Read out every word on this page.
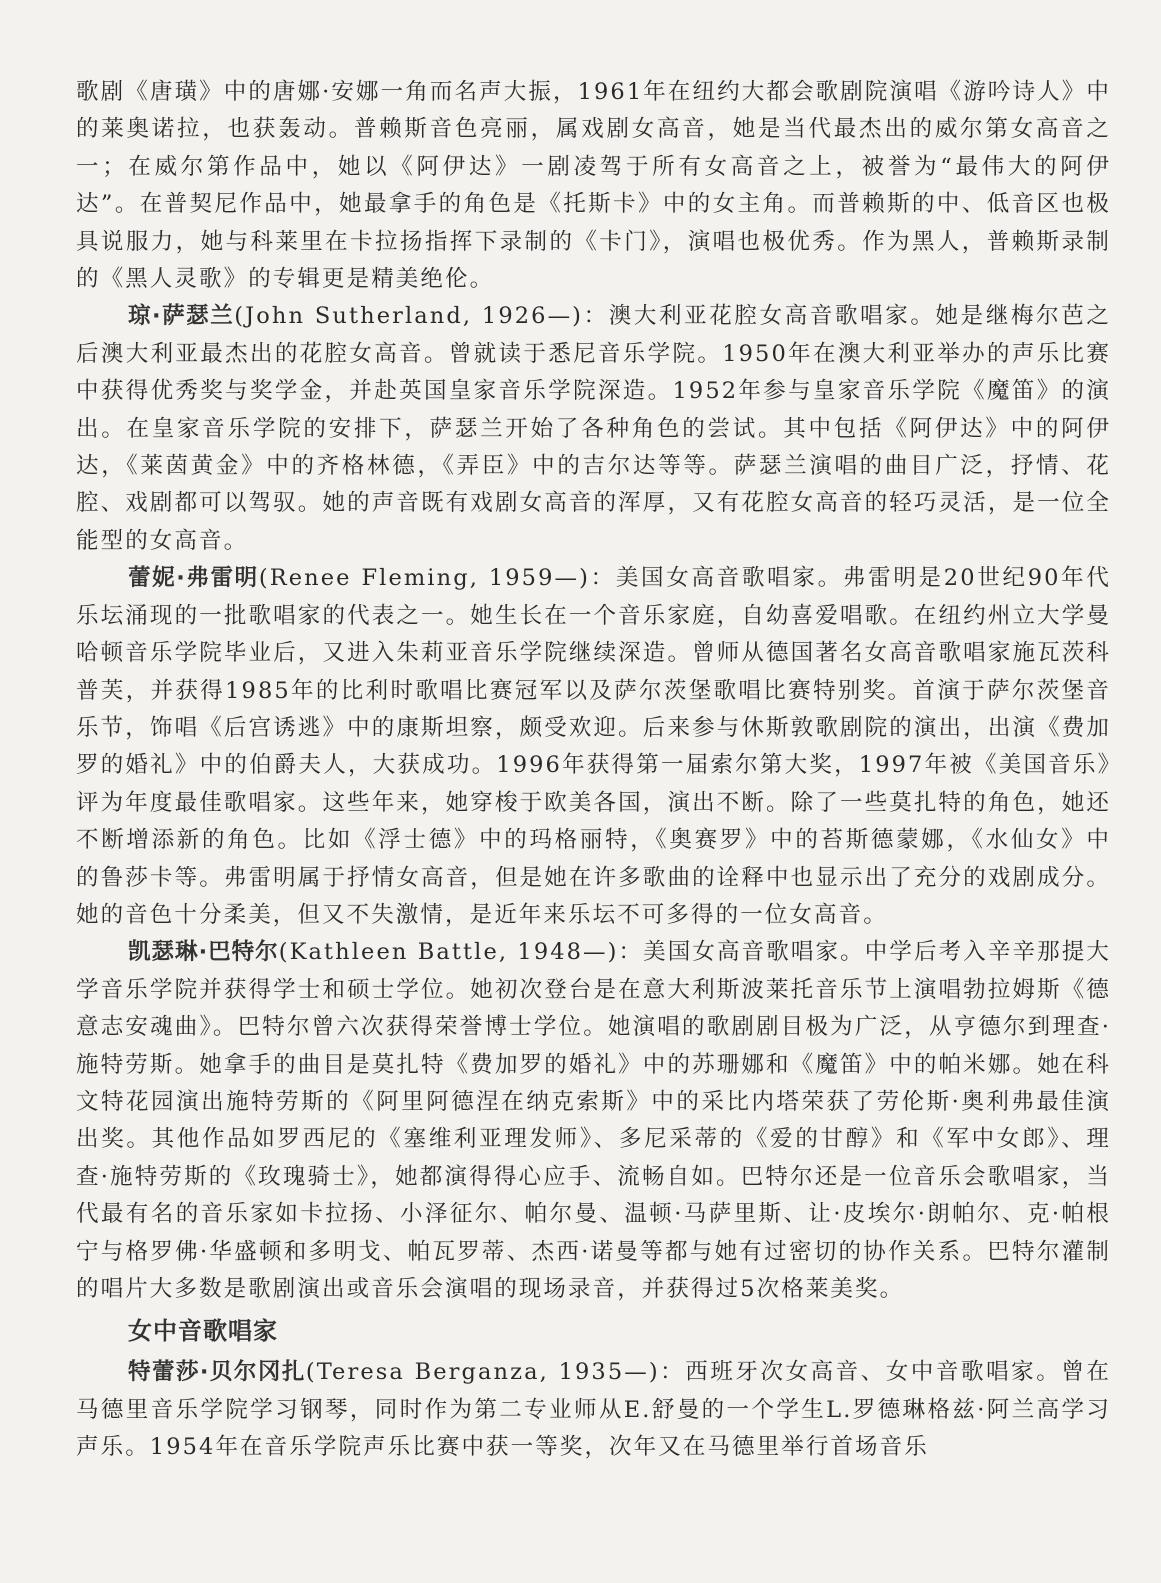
歌剧《唐璜》中的唐娜·安娜一角而名声大振，1961年在纽约大都会歌剧院演唱《游吟诗人》中的莱奥诺拉，也获轰动。普赖斯音色亮丽，属戏剧女高音，她是当代最杰出的威尔第女高音之一；在威尔第作品中，她以《阿伊达》一剧凌驾于所有女高音之上，被誉为“最伟大的阿伊达”。在普契尼作品中，她最拿手的角色是《托斯卡》中的女主角。而普赖斯的中、低音区也极具说服力，她与科莱里在卡拉扬指挥下录制的《卡门》，演唱也极优秀。作为黑人，普赖斯录制的《黑人灵歌》的专辑更是精美绝伦。

琼·萨瑟兰(John Sutherland, 1926—)：澳大利亚花腔女高音歌唱家。她是继梅尔芭之后澳大利亚最杰出的花腔女高音。曾就读于悉尼音乐学院。1950年在澳大利亚举办的声乐比赛中获得优秀奖与奖学金，并赴英国皇家音乐学院深造。1952年参与皇家音乐学院《魔笛》的演出。在皇家音乐学院的安排下，萨瑟兰开始了各种角色的尝试。其中包括《阿伊达》中的阿伊达，《莱茵黄金》中的齐格林德，《弄臣》中的吉尔达等等。萨瑟兰演唱的曲目广泛，抒情、花腔、戏剧都可以驾驭。她的声音既有戏剧女高音的浑厚，又有花腔女高音的轻巧灵活，是一位全能型的女高音。

蕾妮·弗雷明(Renee Fleming, 1959—)：美国女高音歌唱家。弗雷明是20世纪90年代乐坛涌现的一批歌唱家的代表之一。她生长在一个音乐家庭，自幼喜爱唱歌。在纽约州立大学曼哈顿音乐学院毕业后，又进入朱莉亚音乐学院继续深造。曾师从德国著名女高音歌唱家施瓦茨科普芙，并获得1985年的比利时歌唱比赛冠军以及萨尔茨堡歌唱比赛特别奖。首演于萨尔茨堡音乐节，饰唱《后宫诱逃》中的康斯坦察，颇受欢迎。后来参与休斯敦歌剧院的演出，出演《费加罗的婚礼》中的伯爵夫人，大获成功。1996年获得第一届索尔第大奖，1997年被《美国音乐》评为年度最佳歌唱家。这些年来，她穿梭于欧美各国，演出不断。除了一些莫扎特的角色，她还不断增添新的角色。比如《浮士德》中的玛格丽特，《奥赛罗》中的苔斯德蒙娜，《水仙女》中的鲁莎卡等。弗雷明属于抒情女高音，但是她在许多歌曲的诠释中也显示出了充分的戏剧成分。她的音色十分柔美，但又不失激情，是近年来乐坛不可多得的一位女高音。

凯瑟琳·巴特尔(Kathleen Battle, 1948—)：美国女高音歌唱家。中学后考入辛辛那提大学音乐学院并获得学士和硕士学位。她初次登台是在意大利斯波莱托音乐节上演唱勃拉姆斯《德意志安魂曲》。巴特尔曾六次获得荣誉博士学位。她演唱的歌剧剧目极为广泛，从亨德尔到理查·施特劳斯。她拿手的曲目是莫扎特《费加罗的婚礼》中的苏珊娜和《魔笛》中的帕米娜。她在科文特花园演出施特劳斯的《阿里阿德涅在纳克索斯》中的采比内塔荣获了劳伦斯·奥利弗最佳演出奖。其他作品如罗西尼的《塞维利亚理发师》、多尼采蒂的《爱的甘醇》和《军中女郎》、理查·施特劳斯的《玫瑰骑士》，她都演得得心应手、流畅自如。巴特尔还是一位音乐会歌唱家，当代最有名的音乐家如卡拉扬、小泽征尔、帕尔曼、温顿·马萨里斯、让·皮埃尔·朗帕尔、克·帕根宁与格罗佛·华盛顿和多明戈、帕瓦罗蒂、杰西·诺曼等都与她有过密切的协作关系。巴特尔灌制的唱片大多数是歌剧演出或音乐会演唱的现场录音，并获得过5次格莱美奖。

女中音歌唱家

特蕾莎·贝尔冈扎(Teresa Berganza, 1935—)：西班牙次女高音、女中音歌唱家。曾在马德里音乐学院学习钢琴，同时作为第二专业师从E.舒曼的一个学生L.罗德琳格兹·阿兰高学习声乐。1954年在音乐学院声乐比赛中获一等奖，次年又在马德里举行首场音乐
